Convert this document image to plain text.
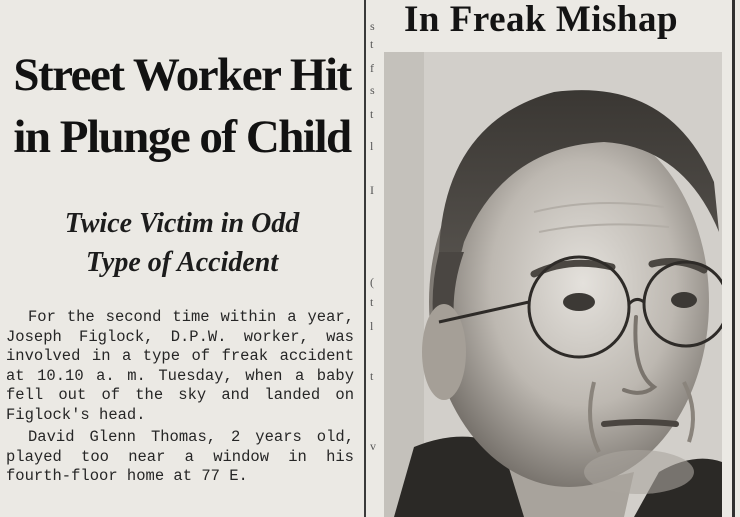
Street Worker Hit
in Plunge of Child
Twice Victim in Odd
Type of Accident

For the second time within a year, Joseph Figlock, D.P.W. worker, was involved in a type of freak accident at 10.10 a. m. Tuesday, when a baby fell out of the sky and landed on Figlock's head.

David Glenn Thomas, 2 years old, played too near a window in his fourth-floor home at 77 E.

s
t
f
s
t
l
I
(
t
l
t
v
In Freak Mishap
